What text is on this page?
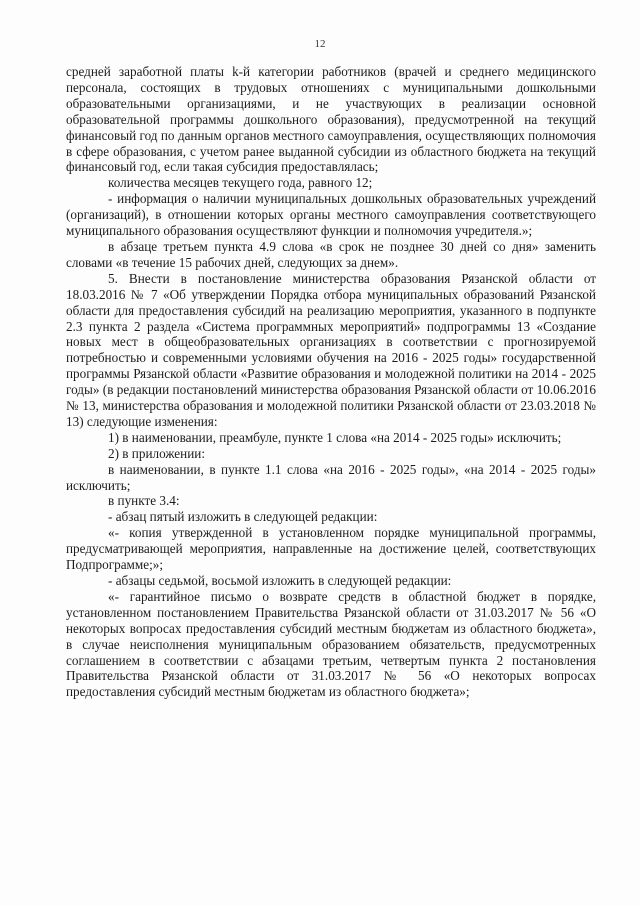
12

средней заработной платы k-й категории работников (врачей и среднего медицинского персонала, состоящих в трудовых отношениях с муниципальными дошкольными образовательными организациями, и не участвующих в реализации основной образовательной программы дошкольного образования), предусмотренной на текущий финансовый год по данным органов местного самоуправления, осуществляющих полномочия в сфере образования, с учетом ранее выданной субсидии из областного бюджета на текущий финансовый год, если такая субсидия предоставлялась;

количества месяцев текущего года, равного 12;

- информация о наличии муниципальных дошкольных образовательных учреждений (организаций), в отношении которых органы местного самоуправления соответствующего муниципального образования осуществляют функции и полномочия учредителя.»;

в абзаце третьем пункта 4.9 слова «в срок не позднее 30 дней со дня» заменить словами «в течение 15 рабочих дней, следующих за днем».

5. Внести в постановление министерства образования Рязанской области от 18.03.2016 № 7 «Об утверждении Порядка отбора муниципальных образований Рязанской области для предоставления субсидий на реализацию мероприятия, указанного в подпункте 2.3 пункта 2 раздела «Система программных мероприятий» подпрограммы 13 «Создание новых мест в общеобразовательных организациях в соответствии с прогнозируемой потребностью и современными условиями обучения на 2016 - 2025 годы» государственной программы Рязанской области «Развитие образования и молодежной политики на 2014 - 2025 годы» (в редакции постановлений министерства образования Рязанской области от 10.06.2016 № 13, министерства образования и молодежной политики Рязанской области от 23.03.2018 № 13) следующие изменения:

1) в наименовании, преамбуле, пункте 1 слова «на 2014 - 2025 годы» исключить;

2) в приложении:

в наименовании, в пункте 1.1 слова «на 2016 - 2025 годы», «на 2014 - 2025 годы» исключить;

в пункте 3.4:

- абзац пятый изложить в следующей редакции:

«- копия утвержденной в установленном порядке муниципальной программы, предусматривающей мероприятия, направленные на достижение целей, соответствующих Подпрограмме;»;

- абзацы седьмой, восьмой изложить в следующей редакции:

«- гарантийное письмо о возврате средств в областной бюджет в порядке, установленном постановлением Правительства Рязанской области от 31.03.2017 № 56 «О некоторых вопросах предоставления субсидий местным бюджетам из областного бюджета», в случае неисполнения муниципальным образованием обязательств, предусмотренных соглашением в соответствии с абзацами третьим, четвертым пункта 2 постановления Правительства Рязанской области от 31.03.2017 № 56 «О некоторых вопросах предоставления субсидий местным бюджетам из областного бюджета»;
